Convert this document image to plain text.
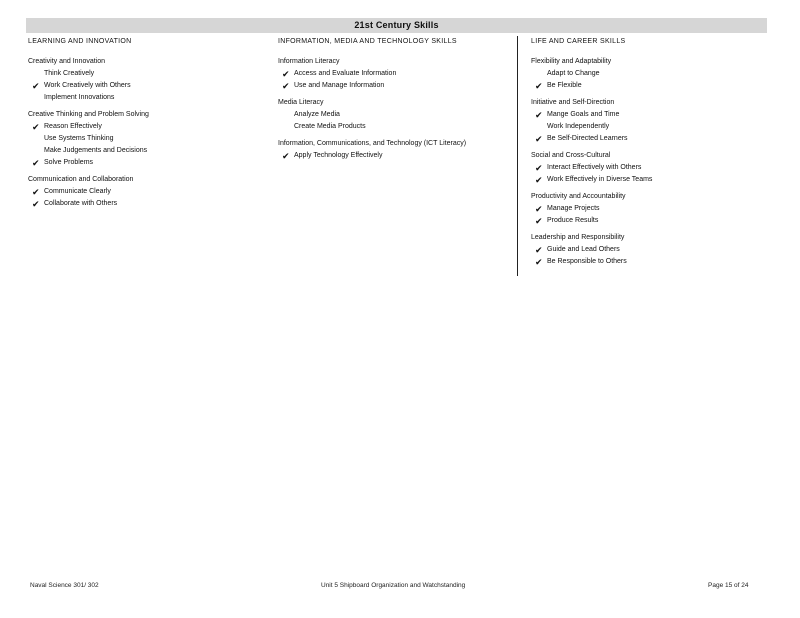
21st Century Skills
LEARNING AND INNOVATION
Creativity and Innovation
Think Creatively
✔ Work Creatively with Others
Implement Innovations
Creative Thinking and Problem Solving
✔ Reason Effectively
Use Systems Thinking
Make Judgements and Decisions
✔ Solve Problems
Communication and Collaboration
✔ Communicate Clearly
✔ Collaborate with Others
INFORMATION, MEDIA AND TECHNOLOGY SKILLS
Information Literacy
✔ Access and Evaluate Information
✔ Use and Manage Information
Media Literacy
Analyze Media
Create Media Products
Information, Communications, and Technology (ICT Literacy)
✔ Apply Technology Effectively
LIFE AND CAREER SKILLS
Flexibility and Adaptability
Adapt to Change
✔ Be Flexible
Initiative and Self-Direction
✔ Mange Goals and Time
Work Independently
✔ Be Self-Directed Learners
Social and Cross-Cultural
✔ Interact Effectively with Others
✔ Work Effectively in Diverse Teams
Productivity and Accountability
✔ Manage Projects
✔ Produce Results
Leadership and Responsibility
✔ Guide and Lead Others
✔ Be Responsible to Others
Naval Science 301/ 302	Unit 5 Shipboard Organization and Watchstanding	Page 15 of 24
